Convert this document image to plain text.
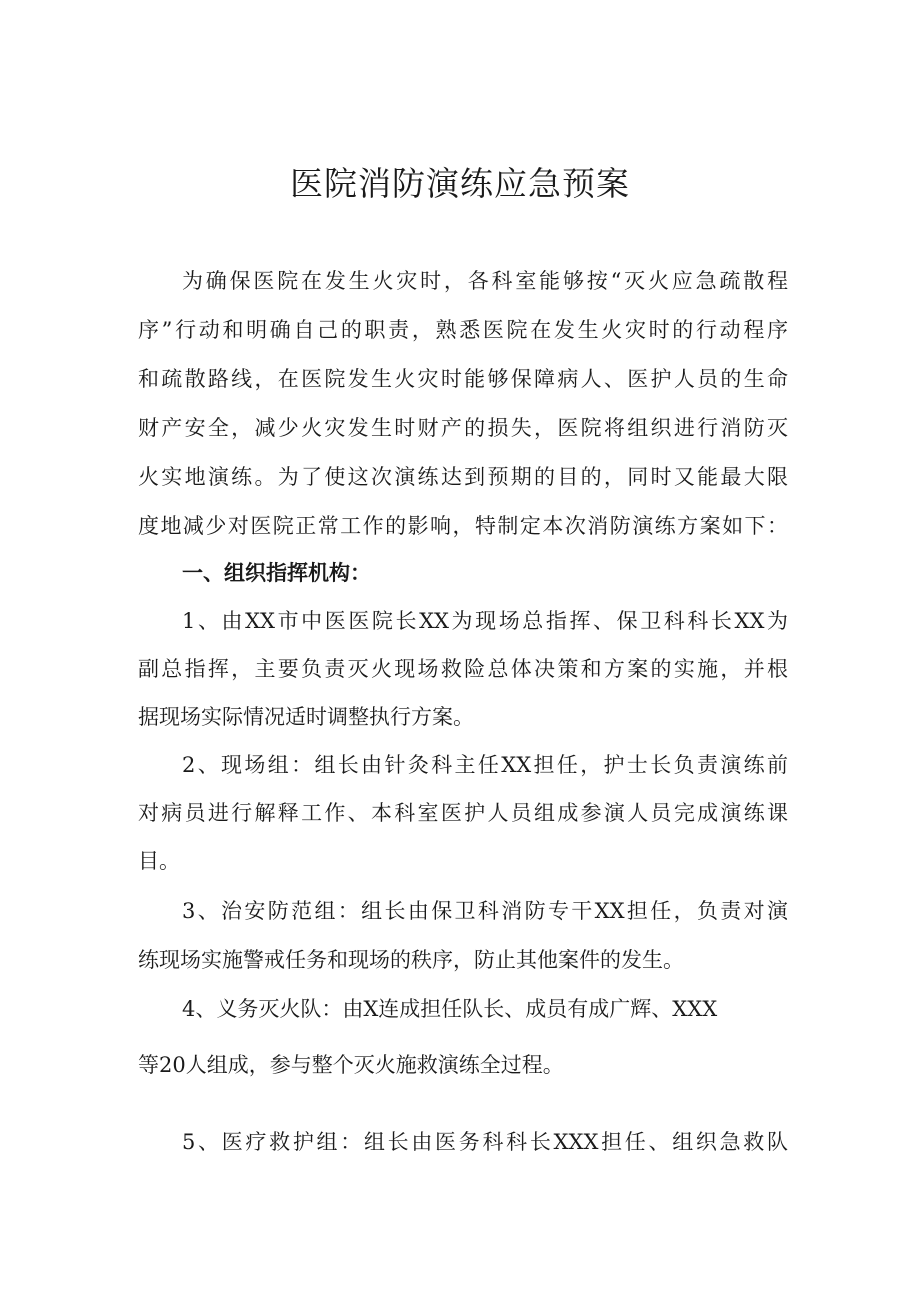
医院消防演练应急预案

为确保医院在发生火灾时，各科室能够按“灭火应急疏散程

序”行动和明确自己的职责，熟悉医院在发生火灾时的行动程序

和疏散路线，在医院发生火灾时能够保障病人、医护人员的生命

财产安全，减少火灾发生时财产的损失，医院将组织进行消防灭

火实地演练。为了使这次演练达到预期的目的，同时又能最大限

度地减少对医院正常工作的影响，特制定本次消防演练方案如下：

一、组织指挥机构：

1、由XX市中医医院长XX为现场总指挥、保卫科科长XX为

副总指挥，主要负责灭火现场救险总体决策和方案的实施，并根

据现场实际情况适时调整执行方案。

2、现场组：组长由针灸科主任XX担任，护士长负责演练前

对病员进行解释工作、本科室医护人员组成参演人员完成演练课

目。

3、治安防范组：组长由保卫科消防专干XX担任，负责对演

练现场实施警戒任务和现场的秩序，防止其他案件的发生。

4、义务灭火队：由X连成担任队长、成员有成广辉、XXX

等20人组成，参与整个灭火施救演练全过程。

5、医疗救护组：组长由医务科科长XXX担任、组织急救队
